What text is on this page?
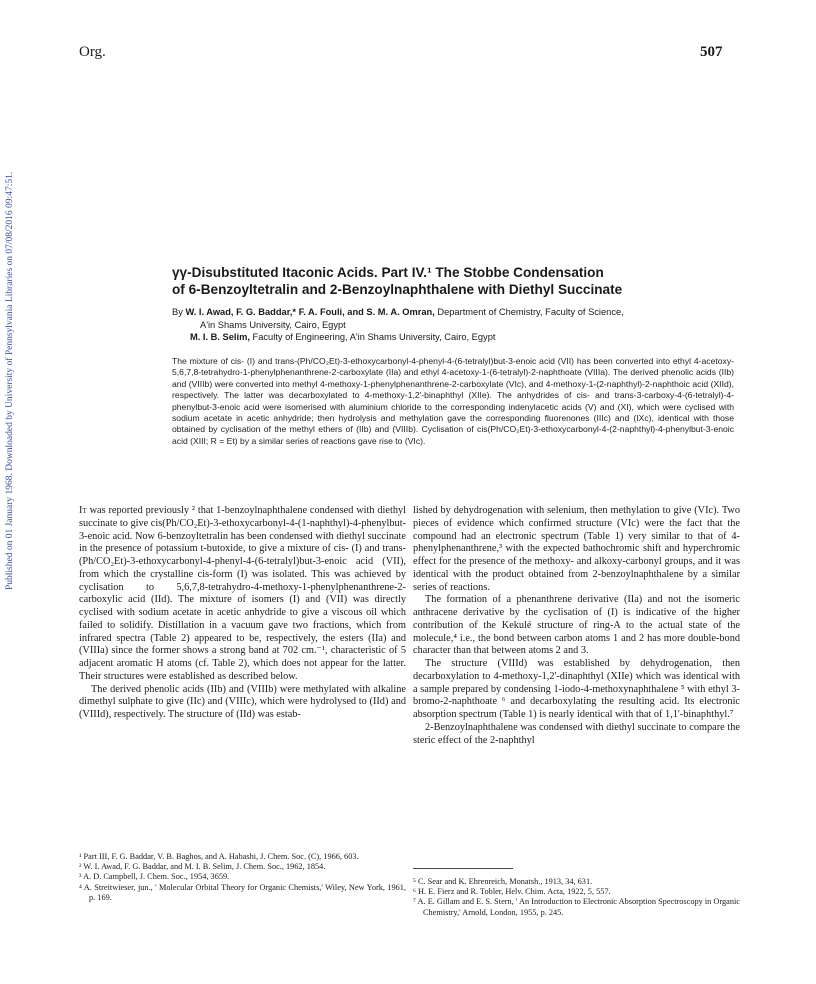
Published on 01 January 1968. Downloaded by University of Pennsylvania Libraries on 07/08/2016 09:47:51.
Org.	507
γγ-Disubstituted Itaconic Acids. Part IV.¹ The Stobbe Condensation
of 6-Benzoyltetralin and 2-Benzoylnaphthalene with Diethyl Succinate
By W. I. Awad, F. G. Baddar,* F. A. Fouli, and S. M. A. Omran, Department of Chemistry, Faculty of Science,
A'in Shams University, Cairo, Egypt
M. I. B. Selim, Faculty of Engineering, A'in Shams University, Cairo, Egypt

The mixture of cis- (I) and trans-(Ph/CO₂Et)-3-ethoxycarbonyl-4-phenyl-4-(6-tetralyl)but-3-enoic acid (VII) has been converted into ethyl 4-acetoxy-5,6,7,8-tetrahydro-1-phenylphenanthrene-2-carboxylate (IIa) and ethyl 4-acetoxy-1-(6-tetralyl)-2-naphthoate (VIIIa). The derived phenolic acids (IIb) and (VIIIb) were converted into methyl 4-methoxy-1-phenylphenanthrene-2-carboxylate (VIc), and 4-methoxy-1-(2-naphthyl)-2-naphthoic acid (XIId), respectively. The latter was decarboxylated to 4-methoxy-1,2'-binaphthyl (XIIe). The anhydrides of cis- and trans-3-carboxy-4-(6-tetralyl)-4-phenylbut-3-enoic acid were isomerised with aluminium chloride to the corresponding indenylacetic acids (V) and (XI), which were cyclised with sodium acetate in acetic anhydride; then hydrolysis and methylation gave the corresponding fluorenones (IIIc) and (IXc), identical with those obtained by cyclisation of the methyl ethers of (IIb) and (VIIIb). Cyclisation of cis(Ph/CO₂Et)-3-ethoxycarbonyl-4-(2-naphthyl)-4-phenylbut-3-enoic acid (XIII; R = Et) by a similar series of reactions gave rise to (VIc).

It was reported previously ² that 1-benzoylnaphthalene condensed with diethyl succinate to give cis(Ph/CO₂Et)-3-ethoxycarbonyl-4-(1-naphthyl)-4-phenylbut-3-enoic acid. Now 6-benzoyltetralin has been condensed with diethyl succinate in the presence of potassium t-butoxide, to give a mixture of cis- (I) and trans-(Ph/CO₂Et)-3-ethoxycarbonyl-4-phenyl-4-(6-tetralyl)but-3-enoic acid (VII), from which the crystalline cis-form (I) was isolated. This was achieved by cyclisation to 5,6,7,8-tetrahydro-4-methoxy-1-phenylphenanthrene-2-carboxylic acid (IId). The mixture of isomers (I) and (VII) was directly cyclised with sodium acetate in acetic anhydride to give a viscous oil which failed to solidify. Distillation in a vacuum gave two fractions, which from infrared spectra (Table 2) appeared to be, respectively, the esters (IIa) and (VIIIa) since the former shows a strong band at 702 cm.⁻¹, characteristic of 5 adjacent aromatic H atoms (cf. Table 2), which does not appear for the latter. Their structures were established as described below.

The derived phenolic acids (IIb) and (VIIIb) were methylated with alkaline dimethyl sulphate to give (IIc) and (VIIIc), which were hydrolysed to (IId) and (VIIId), respectively. The structure of (IId) was estab-

lished by dehydrogenation with selenium, then methylation to give (VIc). Two pieces of evidence which confirmed structure (VIc) were the fact that the compound had an electronic spectrum (Table 1) very similar to that of 4-phenylphenanthrene,³ with the expected bathochromic shift and hyperchromic effect for the presence of the methoxy- and alkoxy-carbonyl groups, and it was identical with the product obtained from 2-benzoylnaphthalene by a similar series of reactions.

The formation of a phenanthrene derivative (IIa) and not the isomeric anthracene derivative by the cyclisation of (I) is indicative of the higher contribution of the Kekulé structure of ring-A to the actual state of the molecule,⁴ i.e., the bond between carbon atoms 1 and 2 has more double-bond character than that between atoms 2 and 3.

The structure (VIIId) was established by dehydrogenation, then decarboxylation to 4-methoxy-1,2'-dinaphthyl (XIIe) which was identical with a sample prepared by condensing 1-iodo-4-methoxynaphthalene ⁵ with ethyl 3-bromo-2-naphthoate ⁶ and decarboxylating the resulting acid. Its electronic absorption spectrum (Table 1) is nearly identical with that of 1,1'-binaphthyl.⁷

2-Benzoylnaphthalene was condensed with diethyl succinate to compare the steric effect of the 2-naphthyl

¹ Part III, F. G. Baddar, V. B. Baghos, and A. Habashi, J. Chem. Soc. (C), 1966, 603.

² W. I. Awad, F. G. Baddar, and M. I. B. Selim, J. Chem. Soc., 1962, 1854.

³ A. D. Campbell, J. Chem. Soc., 1954, 3659.

⁴ A. Streitwieser, jun., ' Molecular Orbital Theory for Organic Chemists,' Wiley, New York, 1961, p. 169.

⁵ C. Sear and K. Ehrenreich, Monatsh., 1913, 34, 631.

⁶ H. E. Fierz and R. Tobler, Helv. Chim. Acta, 1922, 5, 557.

⁷ A. E. Gillam and E. S. Stern, ' An Introduction to Electronic Absorption Spectroscopy in Organic Chemistry,' Arnold, London, 1955, p. 245.
